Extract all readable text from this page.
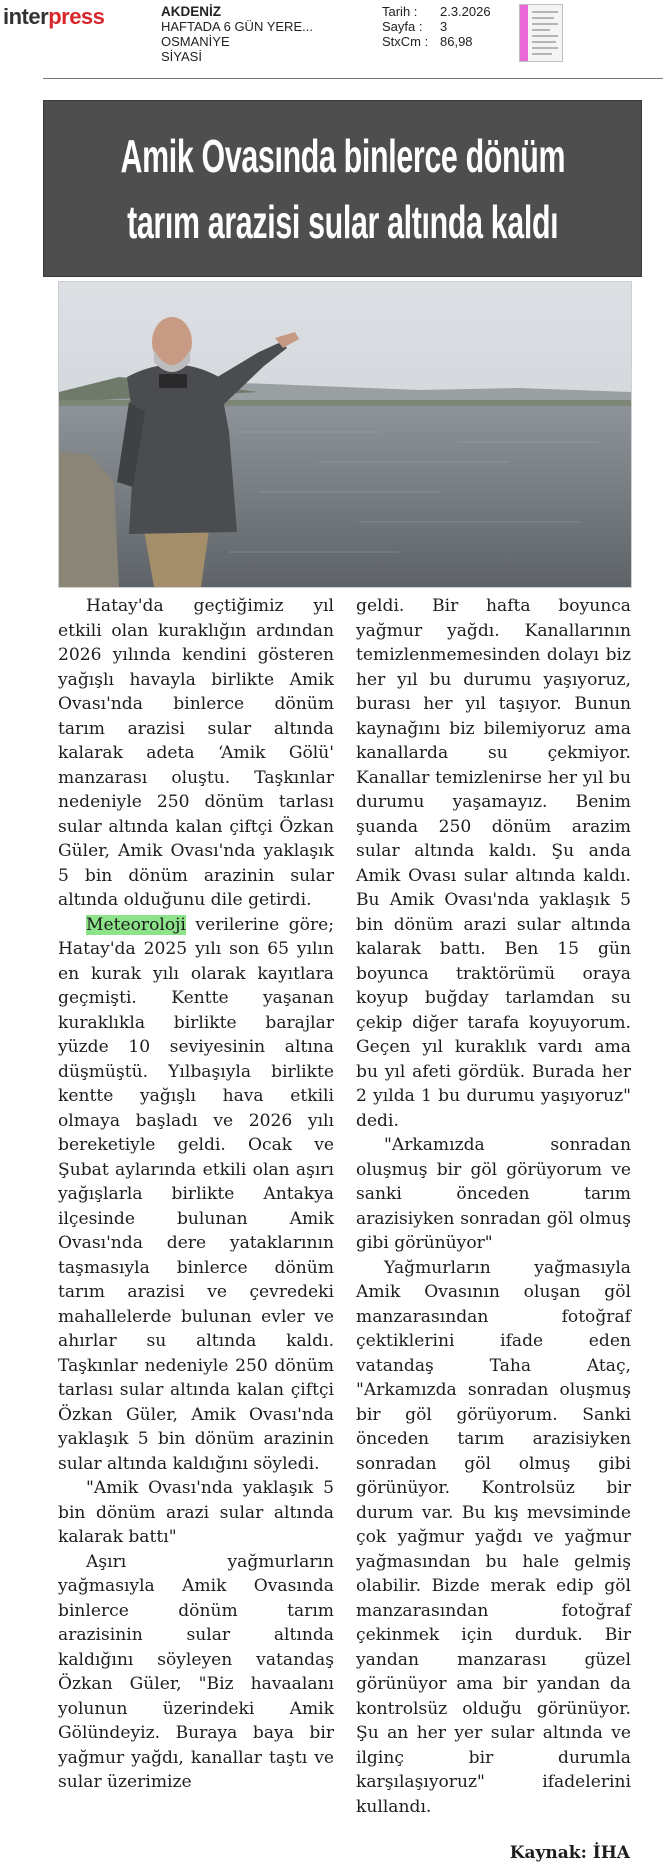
interpress	AKDENİZ
HAFTADA 6 GÜN YERE...
OSMANİYE
SİYASİ
Tarih :	2.3.2026
Sayfa :	3
StxCm : 86,98
Amik Ovasında binlerce dönüm
tarım arazisi sular altında kaldı

Hatay'da geçtiğimiz yıl etkili olan kuraklığın ardından 2026 yılında kendini gösteren yağışlı havayla birlikte Amik Ovası'nda binlerce dönüm tarım arazisi sular altında kalarak adeta ‘Amik Gölü' manzarası oluştu. Taşkınlar nedeniyle 250 dönüm tarlası sular altında kalan çiftçi Özkan Güler, Amik Ovası'nda yaklaşık 5 bin dönüm arazinin sular altında olduğunu dile getirdi.

Meteoroloji verilerine göre; Hatay'da 2025 yılı son 65 yılın en kurak yılı olarak kayıtlara geçmişti. Kentte yaşanan kuraklıkla birlikte barajlar yüzde 10 seviyesinin altına düşmüştü. Yılbaşıyla birlikte kentte yağışlı hava etkili olmaya başladı ve 2026 yılı bereketiyle geldi. Ocak ve Şubat aylarında etkili olan aşırı yağışlarla birlikte Antakya ilçesinde bulunan Amik Ovası'nda dere yataklarının taşmasıyla binlerce dönüm tarım arazisi ve çevredeki mahallelerde bulunan evler ve ahırlar su altında kaldı. Taşkınlar nedeniyle 250 dönüm tarlası sular altında kalan çiftçi Özkan Güler, Amik Ovası'nda yaklaşık 5 bin dönüm arazinin sular altında kaldığını söyledi.

"Amik Ovası'nda yaklaşık 5 bin dönüm arazi sular altında kalarak battı"

Aşırı yağmurların yağmasıyla Amik Ovasında binlerce dönüm tarım arazisinin sular altında kaldığını söyleyen vatandaş Özkan Güler, "Biz havaalanı yolunun üzerindeki Amik Gölündeyiz. Buraya baya bir yağmur yağdı, kanallar taştı ve sular üzerimize

geldi. Bir hafta boyunca yağmur yağdı. Kanallarının temizlenmemesinden dolayı biz her yıl bu durumu yaşıyoruz, burası her yıl taşıyor. Bunun kaynağını biz bilemiyoruz ama kanallarda su çekmiyor. Kanallar temizlenirse her yıl bu durumu yaşamayız. Benim şuanda 250 dönüm arazim sular altında kaldı. Şu anda Amik Ovası sular altında kaldı. Bu Amik Ovası'nda yaklaşık 5 bin dönüm arazi sular altında kalarak battı. Ben 15 gün boyunca traktörümü oraya koyup buğday tarlamdan su çekip diğer tarafa koyuyorum. Geçen yıl kuraklık vardı ama bu yıl afeti gördük. Burada her 2 yılda 1 bu durumu yaşıyoruz" dedi.

"Arkamızda sonradan oluşmuş bir göl görüyorum ve sanki önceden tarım arazisiyken sonradan göl olmuş gibi görünüyor"

Yağmurların yağmasıyla Amik Ovasının oluşan göl manzarasından fotoğraf çektiklerini ifade eden vatandaş Taha Ataç, "Arkamızda sonradan oluşmuş bir göl görüyorum. Sanki önceden tarım arazisiyken sonradan göl olmuş gibi görünüyor. Kontrolsüz bir durum var. Bu kış mevsiminde çok yağmur yağdı ve yağmur yağmasından bu hale gelmiş olabilir. Bizde merak edip göl manzarasından fotoğraf çekinmek için durduk. Bir yandan manzarası güzel görünüyor ama bir yandan da kontrolsüz olduğu görünüyor. Şu an her yer sular altında ve ilginç bir durumla karşılaşıyoruz" ifadelerini kullandı.

Kaynak: İHA
